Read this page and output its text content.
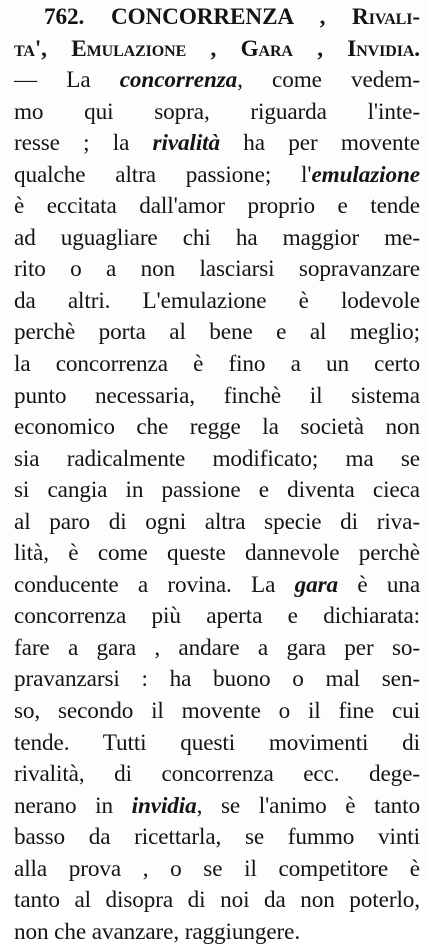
762. CONCORRENZA , Rivali-
ta', Emulazione , Gara , Invidia.
— La concorrenza, come vedem-
mo qui sopra, riguarda l'inte-
resse ; la rivalità ha per movente
qualche altra passione; l'emulazione
è eccitata dall'amor proprio e tende
ad uguagliare chi ha maggior me-
rito o a non lasciarsi sopravanzare
da altri. L'emulazione è lodevole
perchè porta al bene e al meglio;
la concorrenza è fino a un certo
punto necessaria, finchè il sistema
economico che regge la società non
sia radicalmente modificato; ma se
si cangia in passione e diventa cieca
al paro di ogni altra specie di riva-
lità, è come queste dannevole perchè
conducente a rovina. La gara è una
concorrenza più aperta e dichiarata:
fare a gara , andare a gara per so-
pravanzarsi : ha buono o mal sen-
so, secondo il movente o il fine cui
tende. Tutti questi movimenti di
rivalità, di concorrenza ecc. dege-
nerano in invidia, se l'animo è tanto
basso da ricettarla, se fummo vinti
alla prova , o se il competitore è
tanto al disopra di noi da non poterlo,
non che avanzare, raggiungere.
